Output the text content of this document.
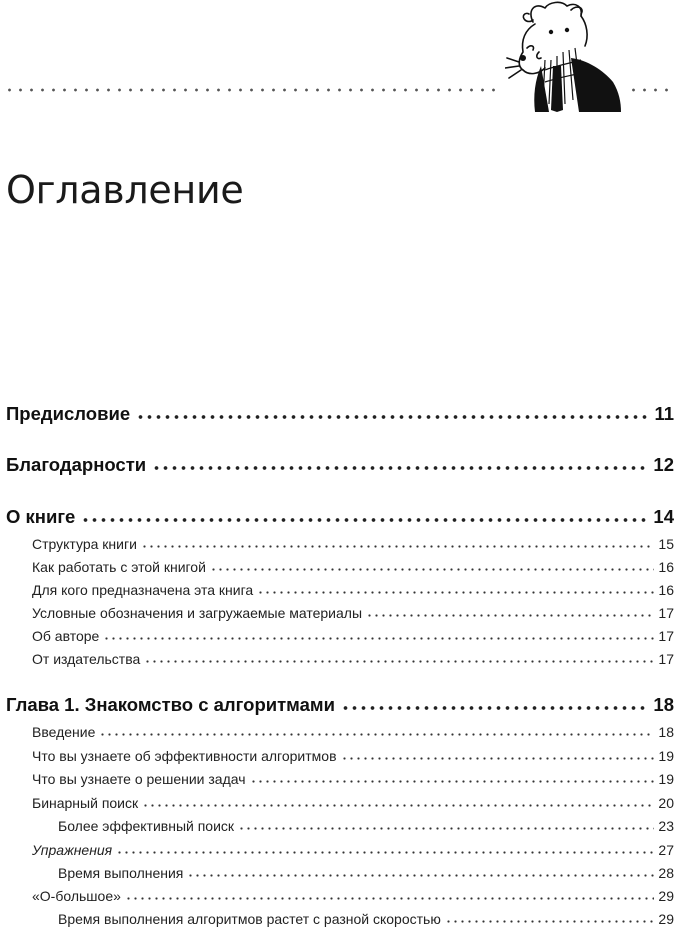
Оглавление
Предисловие	11
Благодарности	12
О книге	14
Структура книги	15
Как работать с этой книгой	16
Для кого предназначена эта книга	16
Условные обозначения и загружаемые материалы	17
Об авторе	17
От издательства	17
Глава 1. Знакомство с алгоритмами	18
Введение	18
Что вы узнаете об эффективности алгоритмов	19
Что вы узнаете о решении задач	19
Бинарный поиск	20
Более эффективный поиск	23
Упражнения	27
Время выполнения	28
«О-большое»	29
Время выполнения алгоритмов растет с разной скоростью	29
